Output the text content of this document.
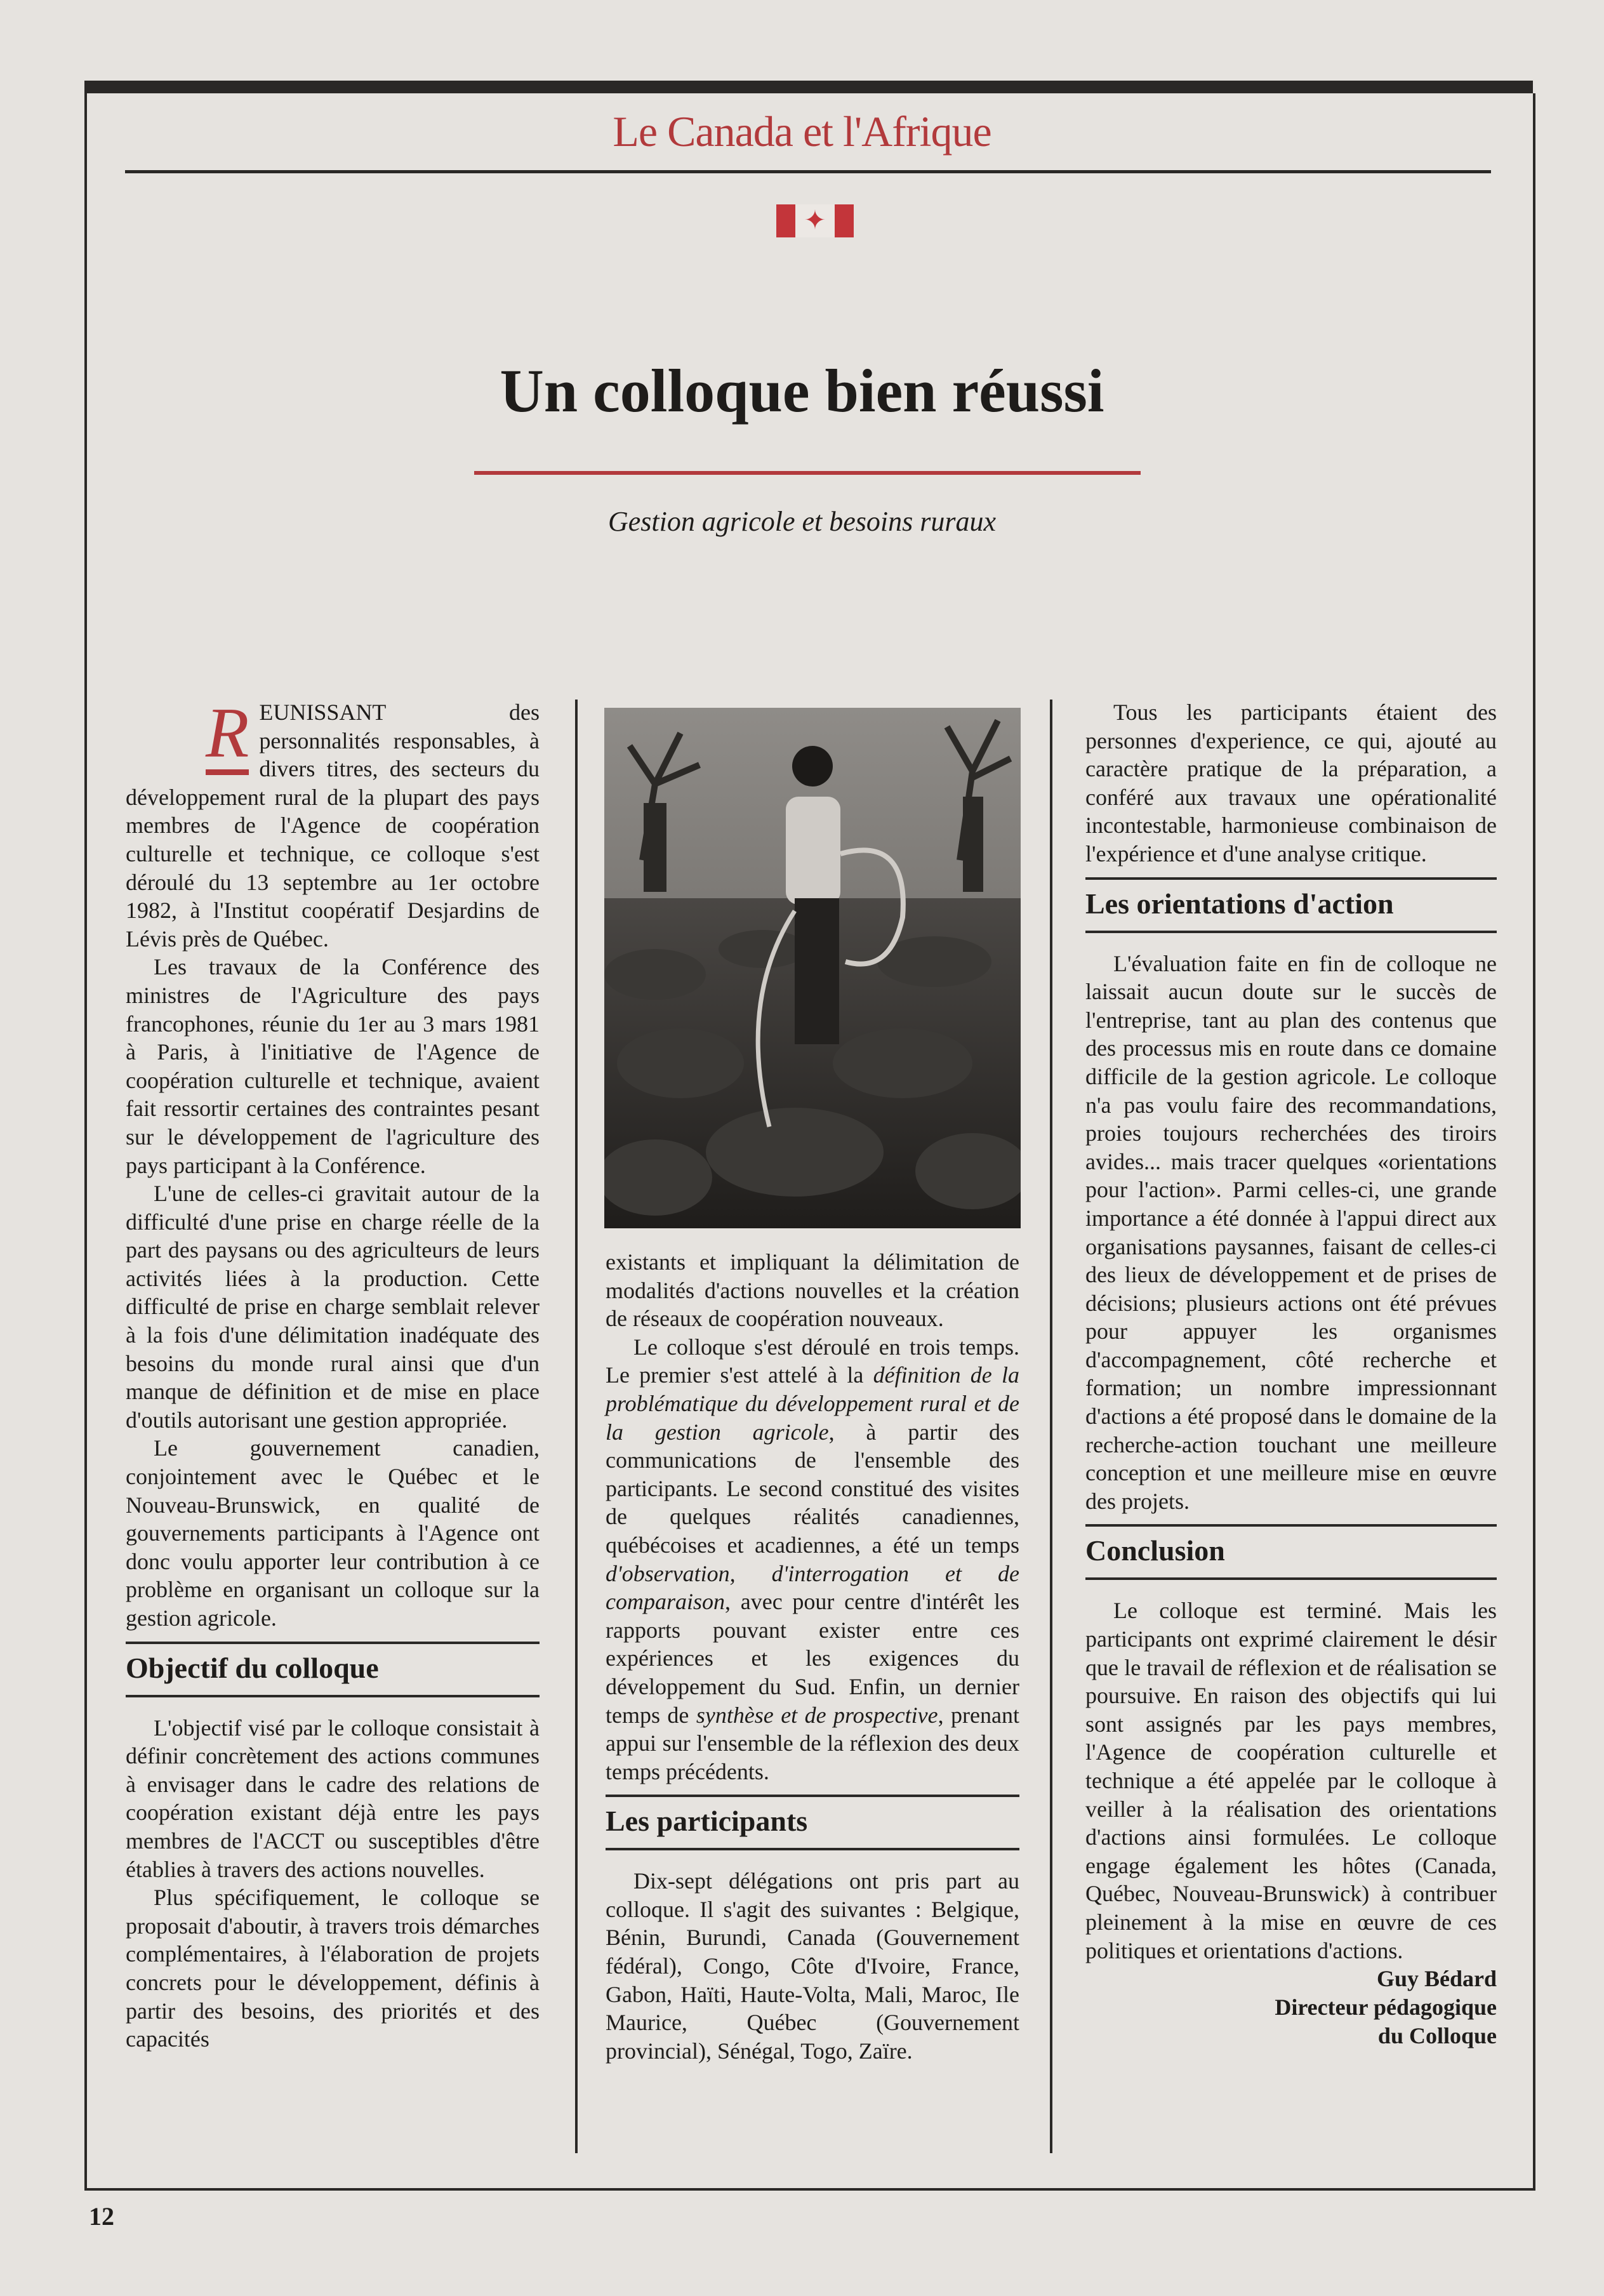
Le Canada et l'Afrique
✦
Un colloque bien réussi
Gestion agricole et besoins ruraux

R EUNISSANT des personnalités responsables, à divers titres, des secteurs du développement rural de la plupart des pays membres de l'Agence de coopération culturelle et technique, ce colloque s'est déroulé du 13 septembre au 1er octobre 1982, à l'Institut coopératif Desjardins de Lévis près de Québec.

Les travaux de la Conférence des ministres de l'Agriculture des pays francophones, réunie du 1er au 3 mars 1981 à Paris, à l'initiative de l'Agence de coopération culturelle et technique, avaient fait ressortir certaines des contraintes pesant sur le développement de l'agriculture des pays participant à la Conférence.

L'une de celles-ci gravitait autour de la difficulté d'une prise en charge réelle de la part des paysans ou des agriculteurs de leurs activités liées à la production. Cette difficulté de prise en charge semblait relever à la fois d'une délimitation inadéquate des besoins du monde rural ainsi que d'un manque de définition et de mise en place d'outils autorisant une gestion appropriée.

Le gouvernement canadien, conjointement avec le Québec et le Nouveau-Brunswick, en qualité de gouvernements participants à l'Agence ont donc voulu apporter leur contribution à ce problème en organisant un colloque sur la gestion agricole.

Objectif du colloque

L'objectif visé par le colloque consistait à définir concrètement des actions communes à envisager dans le cadre des relations de coopération existant déjà entre les pays membres de l'ACCT ou susceptibles d'être établies à travers des actions nouvelles.

Plus spécifiquement, le colloque se proposait d'aboutir, à travers trois démarches complémentaires, à l'élaboration de projets concrets pour le développement, définis à partir des besoins, des priorités et des capacités

existants et impliquant la délimitation de modalités d'actions nouvelles et la création de réseaux de coopération nouveaux.

Le colloque s'est déroulé en trois temps. Le premier s'est attelé à la définition de la problématique du développement rural et de la gestion agricole, à partir des communications de l'ensemble des participants. Le second constitué des visites de quelques réalités canadiennes, québécoises et acadiennes, a été un temps d'observation, d'interrogation et de comparaison, avec pour centre d'intérêt les rapports pouvant exister entre ces expériences et les exigences du développement du Sud. Enfin, un dernier temps de synthèse et de prospective, prenant appui sur l'ensemble de la réflexion des deux temps précédents.

Les participants

Dix-sept délégations ont pris part au colloque. Il s'agit des suivantes : Belgique, Bénin, Burundi, Canada (Gouvernement fédéral), Congo, Côte d'Ivoire, France, Gabon, Haïti, Haute-Volta, Mali, Maroc, Ile Maurice, Québec (Gouvernement provincial), Sénégal, Togo, Zaïre.

Tous les participants étaient des personnes d'experience, ce qui, ajouté au caractère pratique de la préparation, a conféré aux travaux une opérationalité incontestable, harmonieuse combinaison de l'expérience et d'une analyse critique.

Les orientations d'action

L'évaluation faite en fin de colloque ne laissait aucun doute sur le succès de l'entreprise, tant au plan des contenus que des processus mis en route dans ce domaine difficile de la gestion agricole. Le colloque n'a pas voulu faire des recommandations, proies toujours recherchées des tiroirs avides... mais tracer quelques «orientations pour l'action». Parmi celles-ci, une grande importance a été donnée à l'appui direct aux organisations paysannes, faisant de celles-ci des lieux de développement et de prises de décisions; plusieurs actions ont été prévues pour appuyer les organismes d'accompagnement, côté recherche et formation; un nombre impressionnant d'actions a été proposé dans le domaine de la recherche-action touchant une meilleure conception et une meilleure mise en œuvre des projets.

Conclusion

Le colloque est terminé. Mais les participants ont exprimé clairement le désir que le travail de réflexion et de réalisation se poursuive. En raison des objectifs qui lui sont assignés par les pays membres, l'Agence de coopération culturelle et technique a été appelée par le colloque à veiller à la réalisation des orientations d'actions ainsi formulées. Le colloque engage également les hôtes (Canada, Québec, Nouveau-Brunswick) à contribuer pleinement à la mise en œuvre de ces politiques et orientations d'actions.

Guy Bédard
Directeur pédagogique
du Colloque
12
